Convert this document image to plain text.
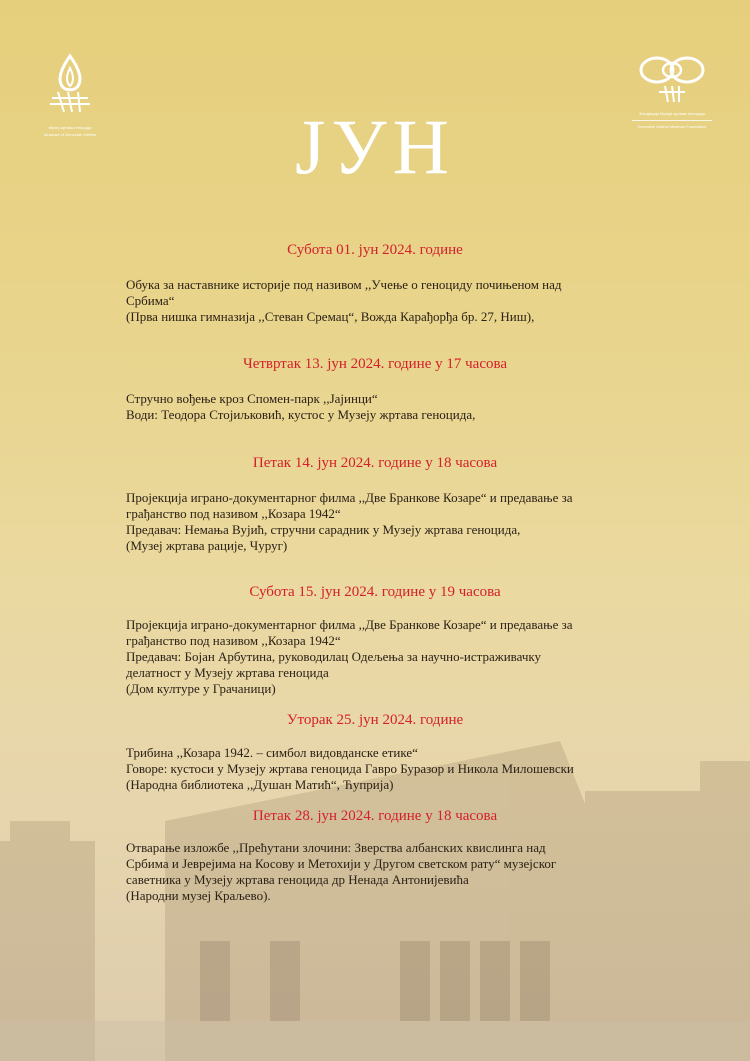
Музеј жртава геноцида
Museum of Genocide Victims
Фондација Музеја жртава геноцида
Genocide Victims Museum Foundation
ЈУН
Субота 01. јун 2024. године
Обука за наставнике историје под називом ,,Учење о геноциду почињеном над
Србима“
(Прва нишка гимназија ,,Стеван Сремац“, Вожда Карађорђа бр. 27, Ниш),
Четвртак 13. јун 2024. године у 17 часова
Стручно вођење кроз Спомен-парк ,,Јајинци“
Води: Теодора Стојиљковић, кустос у Музеју жртава геноцида,
Петак 14. јун 2024. године у 18 часова
Пројекција играно-документарног филма ,,Две Бранкове Козаре“ и предавање за
грађанство под називом ,,Козара 1942“
Предавач: Немања Вујић, стручни сарадник у Музеју жртава геноцида,
(Музеј жртава рације, Чуруг)
Субота 15. јун 2024. године у 19 часова
Пројекција играно-документарног филма ,,Две Бранкове Козаре“ и предавање за
грађанство под називом ,,Козара 1942“
Предавач: Бојан Арбутина, руководилац Одељења за научно-истраживачку
делатност у Музеју жртава геноцида
(Дом културе у Грачаници)
Уторак 25. јун 2024. године
Трибина ,,Козара 1942. – симбол видовданске етике“
Говоре: кустоси у Музеју жртава геноцида Гавро Буразор и Никола Милошевски
(Народна библиотека ,,Душан Матић“, Ћуприја)
Петак 28. јун 2024. године у 18 часова
Отварање изложбе ,,Прећутани злочини: Зверства албанских квислинга над
Србима и Јеврејима на Косову и Метохији у Другом светском рату“ музејског
саветника у Музеју жртава геноцида др Ненада Антонијевића
(Народни музеј Краљево).
